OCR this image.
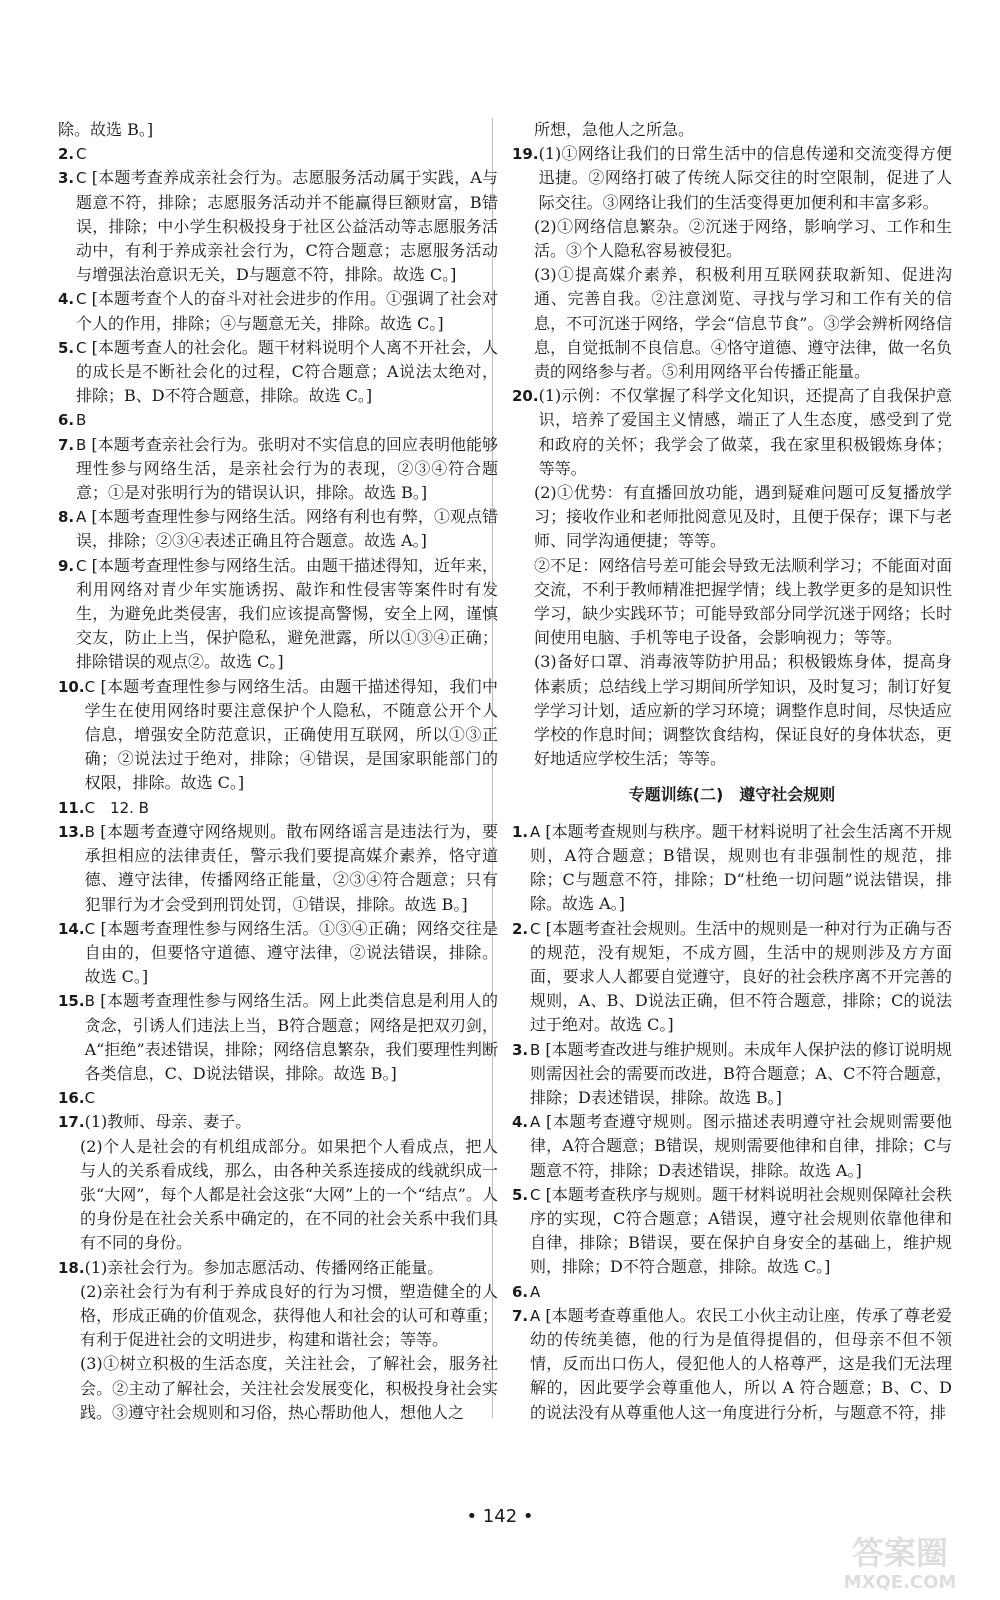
除。故选 B。]
2. C
3. C [本题考查养成亲社会行为。志愿服务活动属于实践，A与题意不符，排除；志愿服务活动并不能赢得巨额财富，B错误，排除；中小学生积极投身于社区公益活动等志愿服务活动中，有利于养成亲社会行为，C符合题意；志愿服务活动与增强法治意识无关，D与题意不符，排除。故选 C。]
4. C [本题考查个人的奋斗对社会进步的作用。①强调了社会对个人的作用，排除；④与题意无关，排除。故选 C。]
5. C [本题考查人的社会化。题干材料说明个人离不开社会，人的成长是不断社会化的过程，C符合题意；A说法太绝对，排除；B、D不符合题意，排除。故选 C。]
6. B
7. B [本题考查亲社会行为。张明对不实信息的回应表明他能够理性参与网络生活，是亲社会行为的表现，②③④符合题意；①是对张明行为的错误认识，排除。故选 B。]
8. A [本题考查理性参与网络生活。网络有利也有弊，①观点错误，排除；②③④表述正确且符合题意。故选 A。]
9. C [本题考查理性参与网络生活。由题干描述得知，近年来，利用网络对青少年实施诱拐、敲诈和性侵害等案件时有发生，为避免此类侵害，我们应该提高警惕，安全上网，谨慎交友，防止上当，保护隐私，避免泄露，所以①③④正确；排除错误的观点②。故选 C。]
10. C [本题考查理性参与网络生活。由题干描述得知，我们中学生在使用网络时要注意保护个人隐私，不随意公开个人信息，增强安全防范意识，正确使用互联网，所以①③正确；②说法过于绝对，排除；④错误，是国家职能部门的权限，排除。故选 C。]
11. C　12. B
13. B [本题考查遵守网络规则。散布网络谣言是违法行为，要承担相应的法律责任，警示我们要提高媒介素养，恪守道德、遵守法律，传播网络正能量，②③④符合题意；只有犯罪行为才会受到刑罚处罚，①错误，排除。故选 B。]
14. C [本题考查理性参与网络生活。①③④正确；网络交往是自由的，但要恪守道德、遵守法律，②说法错误，排除。故选 C。]
15. B [本题考查理性参与网络生活。网上此类信息是利用人的贪念，引诱人们违法上当，B符合题意；网络是把双刃剑，A“拒绝”表述错误，排除；网络信息繁杂，我们要理性判断各类信息，C、D说法错误，排除。故选 B。]
16. C
17. (1)教师、母亲、妻子。
(2)个人是社会的有机组成部分。如果把个人看成点，把人与人的关系看成线，那么，由各种关系连接成的线就织成一张“大网”，每个人都是社会这张“大网”上的一个“结点”。人的身份是在社会关系中确定的，在不同的社会关系中我们具有不同的身份。
18. (1)亲社会行为。参加志愿活动、传播网络正能量。
(2)亲社会行为有利于养成良好的行为习惯，塑造健全的人格，形成正确的价值观念，获得他人和社会的认可和尊重；有利于促进社会的文明进步，构建和谐社会；等等。
(3)①树立积极的生活态度，关注社会，了解社会，服务社会。②主动了解社会，关注社会发展变化，积极投身社会实践。③遵守社会规则和习俗，热心帮助他人，想他人之
所想，急他人之所急。
19. (1)①网络让我们的日常生活中的信息传递和交流变得方便迅捷。②网络打破了传统人际交往的时空限制，促进了人际交往。③网络让我们的生活变得更加便利和丰富多彩。
(2)①网络信息繁杂。②沉迷于网络，影响学习、工作和生活。③个人隐私容易被侵犯。
(3)①提高媒介素养，积极利用互联网获取新知、促进沟通、完善自我。②注意浏览、寻找与学习和工作有关的信息，不可沉迷于网络，学会“信息节食”。③学会辨析网络信息，自觉抵制不良信息。④恪守道德、遵守法律，做一名负责的网络参与者。⑤利用网络平台传播正能量。
20. (1)示例：不仅掌握了科学文化知识，还提高了自我保护意识，培养了爱国主义情感，端正了人生态度，感受到了党和政府的关怀；我学会了做菜，我在家里积极锻炼身体；等等。
(2)①优势：有直播回放功能，遇到疑难问题可反复播放学习；接收作业和老师批阅意见及时，且便于保存；课下与老师、同学沟通便捷；等等。
②不足：网络信号差可能会导致无法顺利学习；不能面对面交流，不利于教师精准把握学情；线上教学更多的是知识性学习，缺少实践环节；可能导致部分同学沉迷于网络；长时间使用电脑、手机等电子设备，会影响视力；等等。
(3)备好口罩、消毒液等防护用品；积极锻炼身体，提高身体素质；总结线上学习期间所学知识，及时复习；制订好复学学习计划，适应新的学习环境；调整作息时间，尽快适应学校的作息时间；调整饮食结构，保证良好的身体状态，更好地适应学校生活；等等。
专题训练(二)　遵守社会规则
1. A [本题考查规则与秩序。题干材料说明了社会生活离不开规则，A符合题意；B错误，规则也有非强制性的规范，排除；C与题意不符，排除；D“杜绝一切问题”说法错误，排除。故选 A。]
2. C [本题考查社会规则。生活中的规则是一种对行为正确与否的规范，没有规矩，不成方圆，生活中的规则涉及方方面面，要求人人都要自觉遵守，良好的社会秩序离不开完善的规则，A、B、D说法正确，但不符合题意，排除；C的说法过于绝对。故选 C。]
3. B [本题考查改进与维护规则。未成年人保护法的修订说明规则需因社会的需要而改进，B符合题意；A、C不符合题意，排除；D表述错误，排除。故选 B。]
4. A [本题考查遵守规则。图示描述表明遵守社会规则需要他律，A符合题意；B错误，规则需要他律和自律，排除；C与题意不符，排除；D表述错误，排除。故选 A。]
5. C [本题考查秩序与规则。题干材料说明社会规则保障社会秩序的实现，C符合题意；A错误，遵守社会规则依靠他律和自律，排除；B错误，要在保护自身安全的基础上，维护规则，排除；D不符合题意，排除。故选 C。]
6. A
7. A [本题考查尊重他人。农民工小伙主动让座，传承了尊老爱幼的传统美德，他的行为是值得提倡的，但母亲不但不领情，反而出口伤人，侵犯他人的人格尊严，这是我们无法理解的，因此要学会尊重他人，所以 A 符合题意；B、C、D的说法没有从尊重他人这一角度进行分析，与题意不符，排
• 142 •
答案圈
MXQE.COM
